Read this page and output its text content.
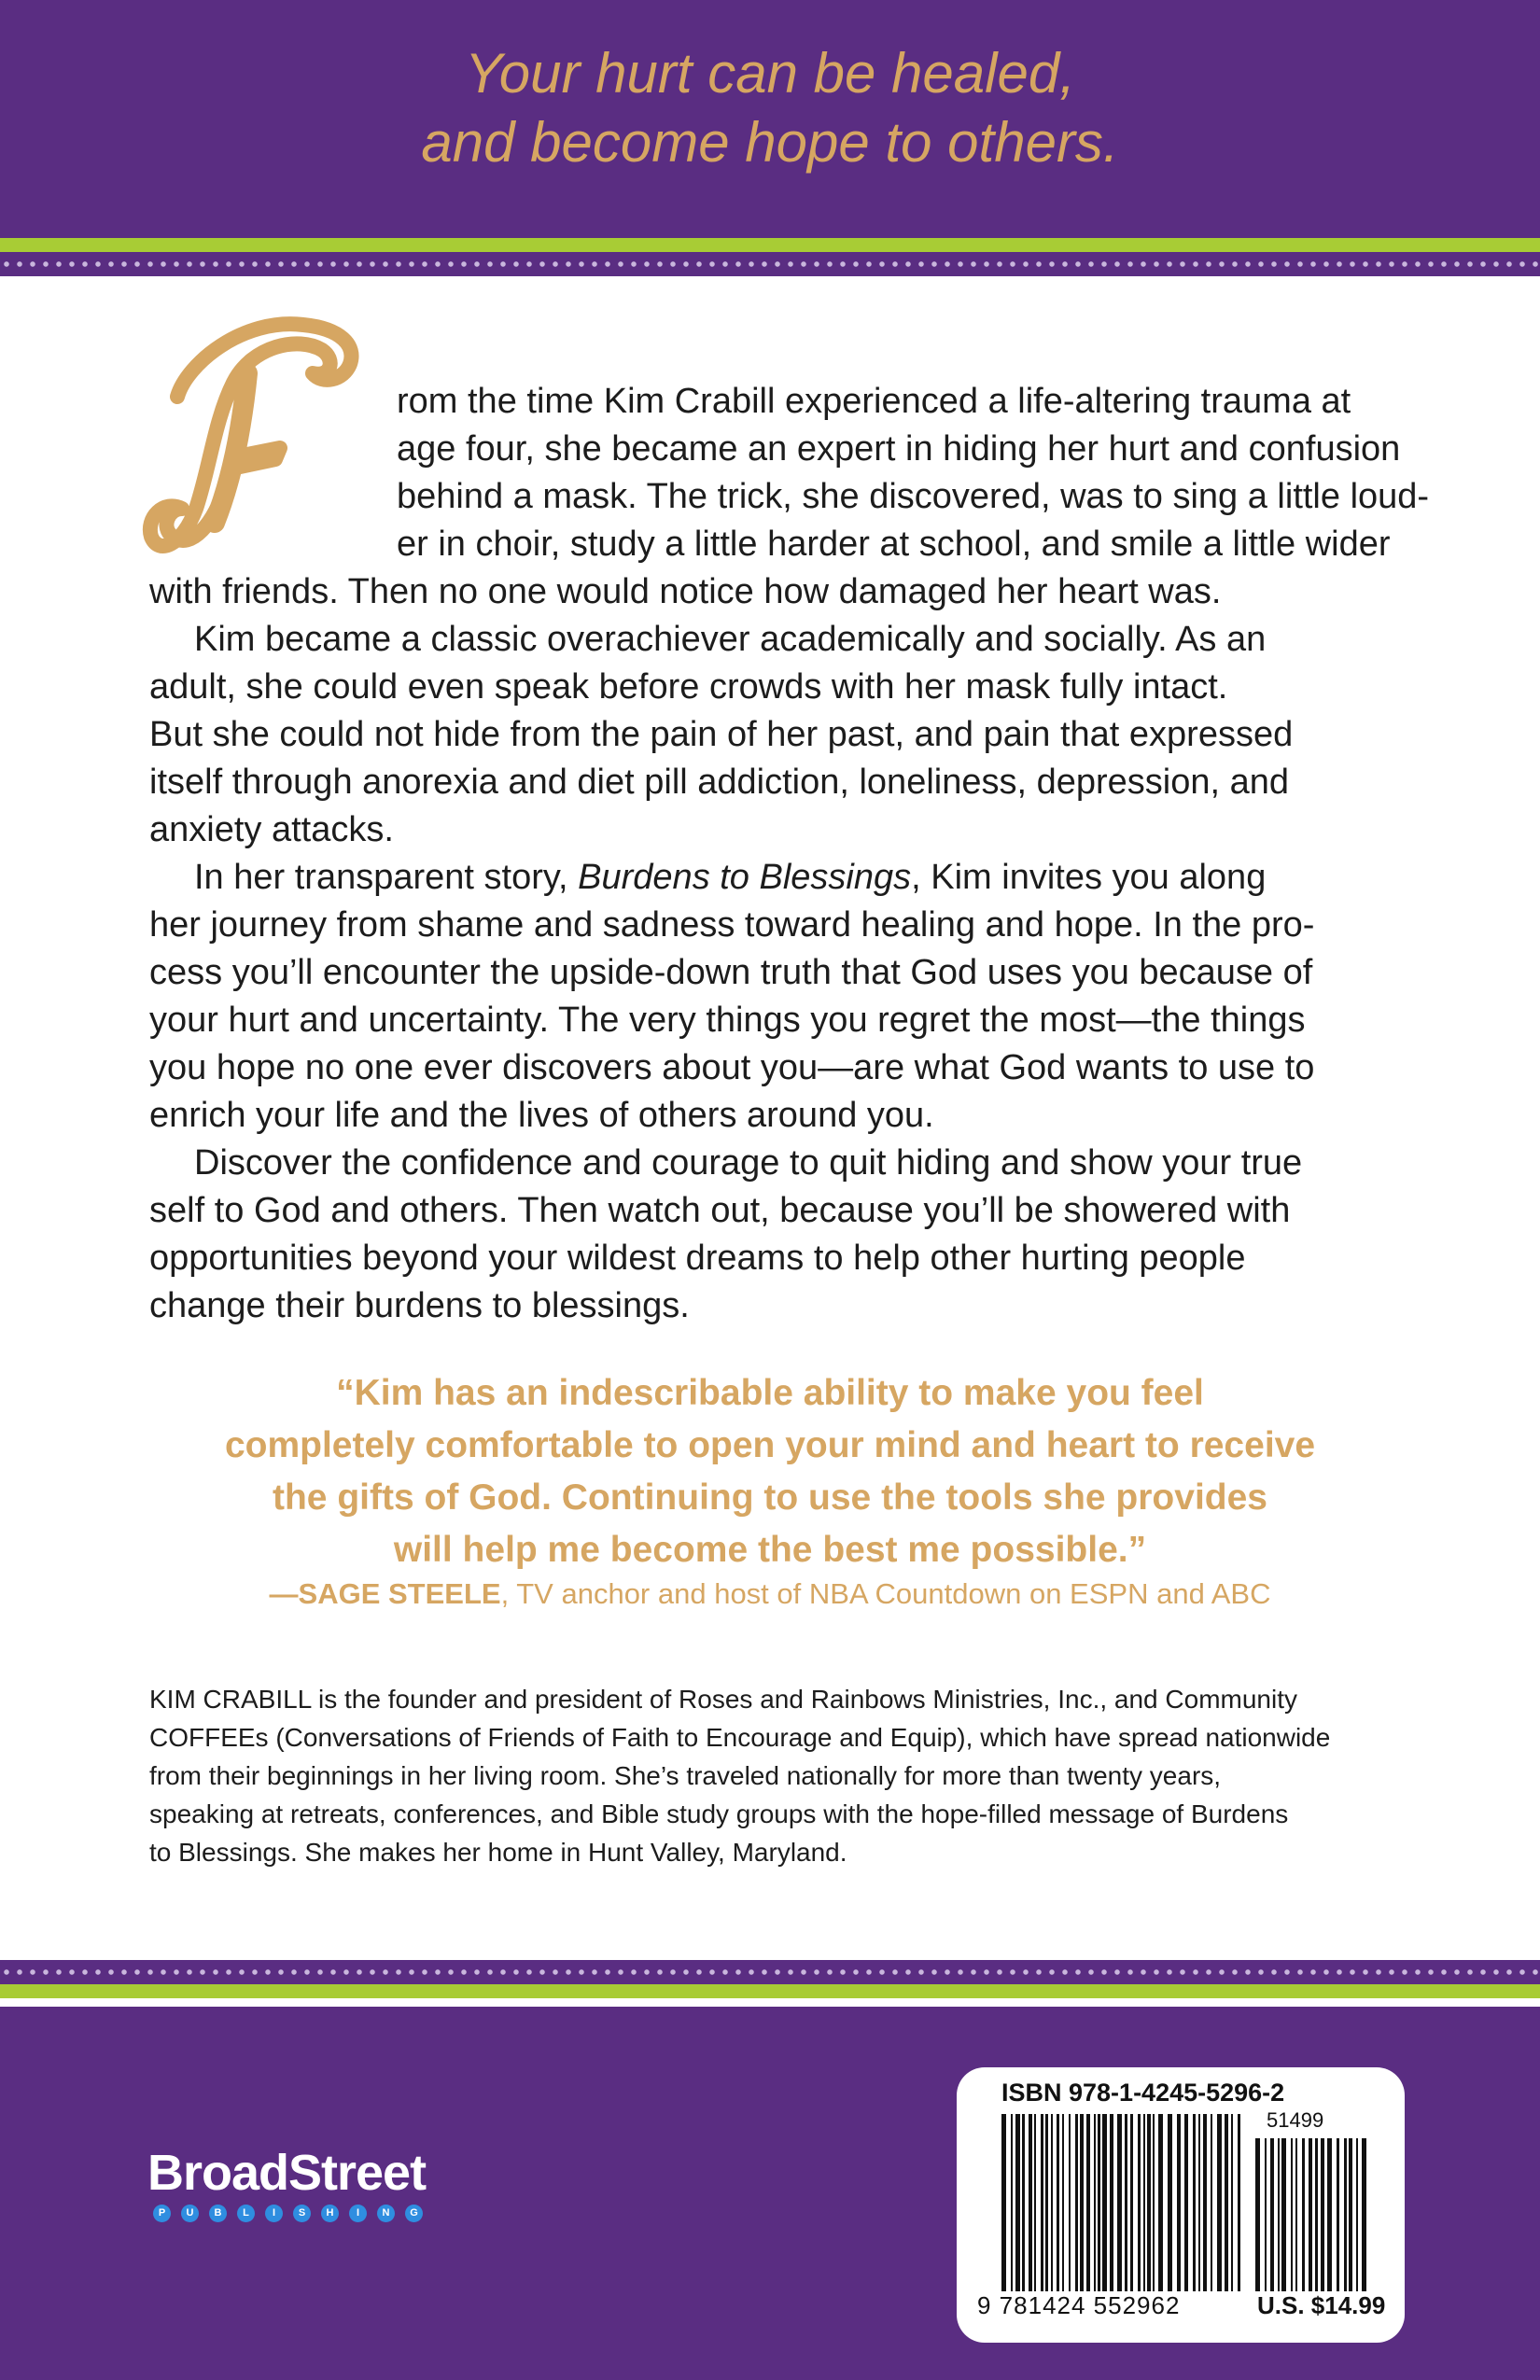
Your hurt can be healed,
and become hope to others.
F
rom the time Kim Crabill experienced a life-altering trauma at
age four, she became an expert in hiding her hurt and confusion
behind a mask. The trick, she discovered, was to sing a little loud-
er in choir, study a little harder at school, and smile a little wider
with friends. Then no one would notice how damaged her heart was.
Kim became a classic overachiever academically and socially. As an
adult, she could even speak before crowds with her mask fully intact.
But she could not hide from the pain of her past, and pain that expressed
itself through anorexia and diet pill addiction, loneliness, depression, and
anxiety attacks.
In her transparent story, Burdens to Blessings, Kim invites you along
her journey from shame and sadness toward healing and hope. In the pro-
cess you’ll encounter the upside-down truth that God uses you because of
your hurt and uncertainty. The very things you regret the most—the things
you hope no one ever discovers about you—are what God wants to use to
enrich your life and the lives of others around you.
Discover the confidence and courage to quit hiding and show your true
self to God and others. Then watch out, because you’ll be showered with
opportunities beyond your wildest dreams to help other hurting people
change their burdens to blessings.
“Kim has an indescribable ability to make you feel
completely comfortable to open your mind and heart to receive
the gifts of God. Continuing to use the tools she provides
will help me become the best me possible.”
—SAGE STEELE, TV anchor and host of NBA Countdown on ESPN and ABC
KIM CRABILL is the founder and president of Roses and Rainbows Ministries, Inc., and Community
COFFEEs (Conversations of Friends of Faith to Encourage and Equip), which have spread nationwide
from their beginnings in her living room. She’s traveled nationally for more than twenty years,
speaking at retreats, conferences, and Bible study groups with the hope-filled message of Burdens
to Blessings. She makes her home in Hunt Valley, Maryland.
BroadStreet
P	U	B	L	I	S	H	I	N	G
ISBN 978-1-4245-5296-2
51499
9 781424 552962	U.S. $14.99
